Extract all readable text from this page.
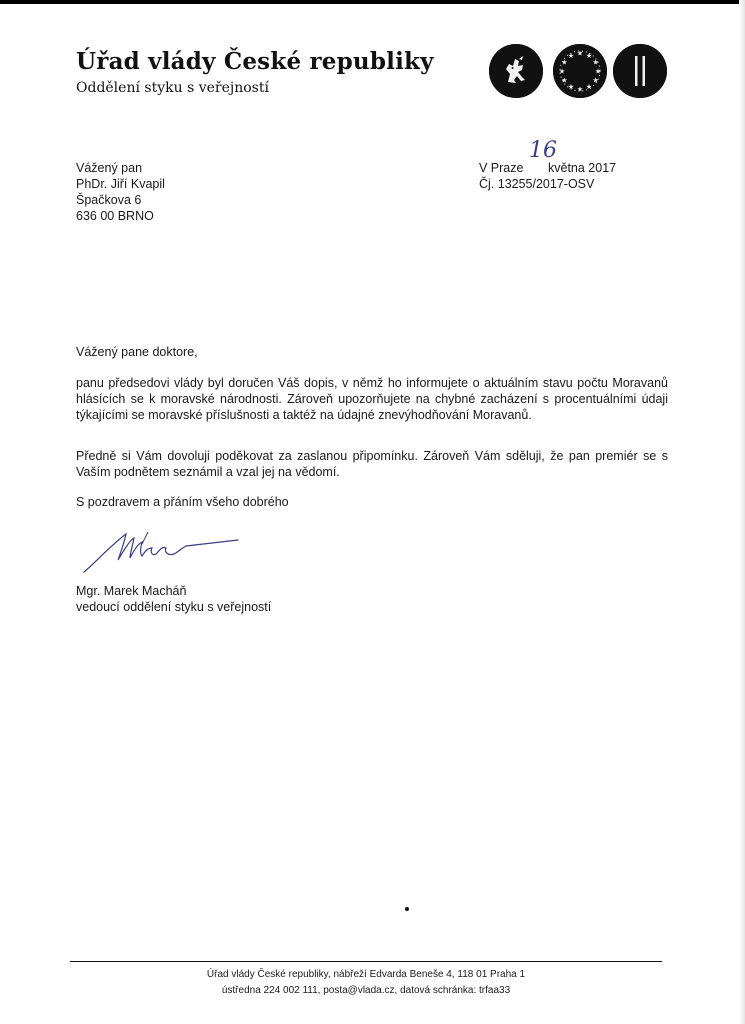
Úřad vlády České republiky
Oddělení styku s veřejností
★
★
★
★
★
★
★
★
★ ★ ★
★
Vážený pan
PhDr. Jiří Kvapil
Špačkova 6
636 00 BRNO
V Praze
16
května 2017
Čj. 13255/2017-OSV
Vážený pane doktore,
panu předsedovi vlády byl doručen Váš dopis, v němž ho informujete o aktuálním stavu počtu Moravanů hlásících se k moravské národnosti. Zároveň upozorňujete na chybné zacházení s procentuálními údaji týkajícími se moravské příslušnosti a taktéž na údajné znevýhodňování Moravanů.
Předně si Vám dovoluji poděkovat za zaslanou připomínku. Zároveň Vám sděluji, že pan premiér se s Vaším podnětem seznámil a vzal jej na vědomí.
S pozdravem a přáním všeho dobrého
Mgr. Marek Macháň
vedoucí oddělení styku s veřejností
Úřad vlády České republiky, nábřeží Edvarda Beneše 4, 118 01 Praha 1
ústředna 224 002 111, posta@vlada.cz, datová schránka: trfaa33
